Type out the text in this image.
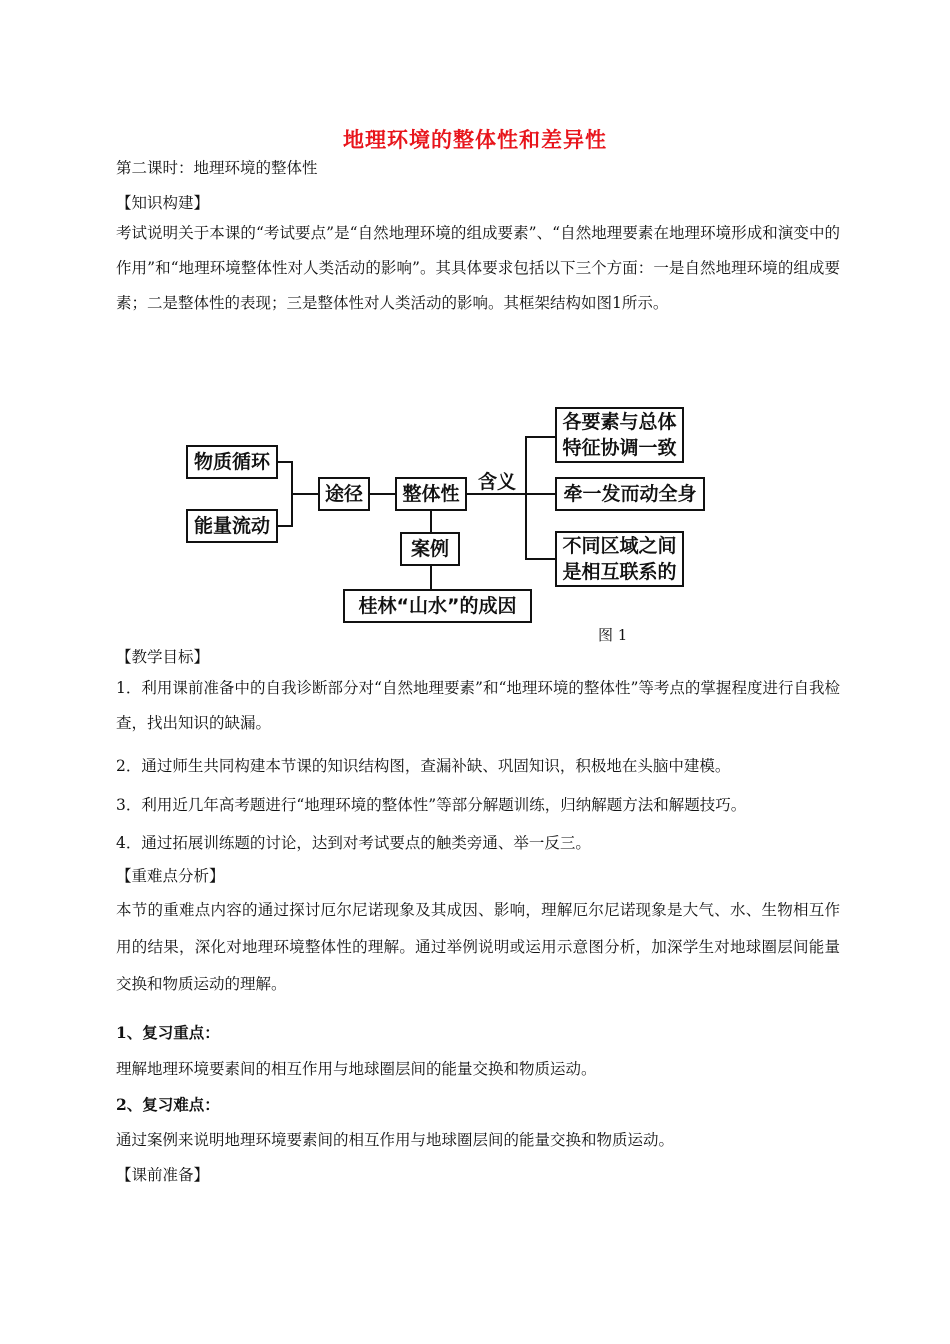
地理环境的整体性和差异性
第二课时：地理环境的整体性
【知识构建】
考试说明关于本课的“考试要点”是“自然地理环境的组成要素”、“自然地理要素在地理环境形成和演变中的作用”和“地理环境整体性对人类活动的影响”。其具体要求包括以下三个方面：一是自然地理环境的组成要素；二是整体性的表现；三是整体性对人类活动的影响。其框架结构如图1所示。
物质循环
能量流动
途径	整体性
含义
各要素与总体
特征协调一致
牵一发而动全身
不同区域之间
是相互联系的
案例
桂林“山水”的成因
图 1
【教学目标】
1．利用课前准备中的自我诊断部分对“自然地理要素”和“地理环境的整体性”等考点的掌握程度进行自我检查，找出知识的缺漏。
2．通过师生共同构建本节课的知识结构图，查漏补缺、巩固知识，积极地在头脑中建模。
3．利用近几年高考题进行“地理环境的整体性”等部分解题训练，归纳解题方法和解题技巧。
4．通过拓展训练题的讨论，达到对考试要点的触类旁通、举一反三。
【重难点分析】
本节的重难点内容的通过探讨厄尔尼诺现象及其成因、影响，理解厄尔尼诺现象是大气、水、生物相互作用的结果，深化对地理环境整体性的理解。通过举例说明或运用示意图分析，加深学生对地球圈层间能量交换和物质运动的理解。
1、复习重点：
理解地理环境要素间的相互作用与地球圈层间的能量交换和物质运动。
2、复习难点：
通过案例来说明地理环境要素间的相互作用与地球圈层间的能量交换和物质运动。
【课前准备】
